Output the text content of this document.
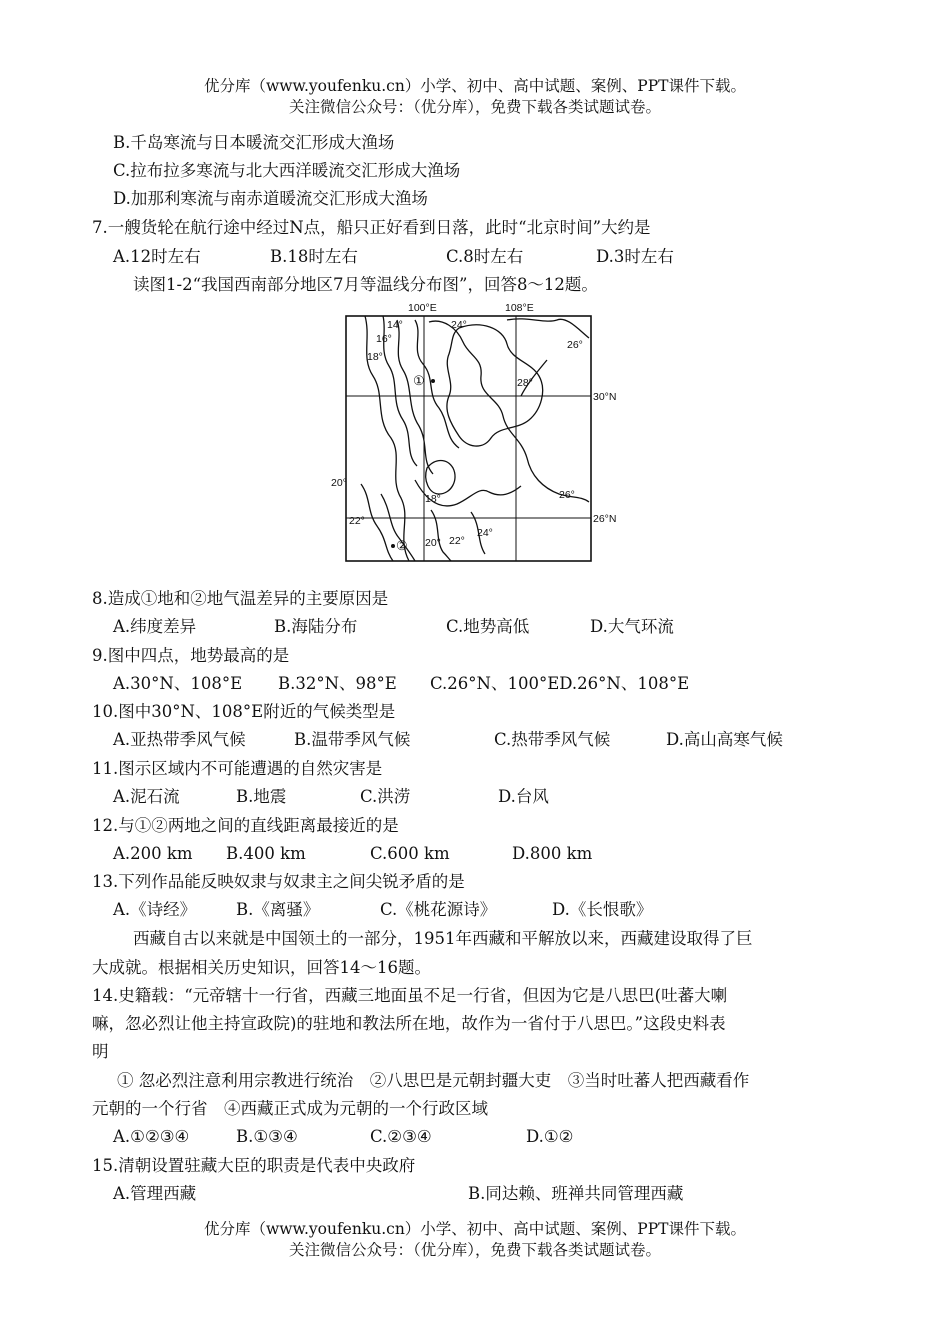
优分库（www.youfenku.cn）小学、初中、高中试题、案例、PPT课件下载。
关注微信公众号：（优分库），免费下载各类试题试卷。
B.千岛寒流与日本暖流交汇形成大渔场
C.拉布拉多寒流与北大西洋暖流交汇形成大渔场
D.加那利寒流与南赤道暖流交汇形成大渔场
7.一艘货轮在航行途中经过N点，船只正好看到日落，此时“北京时间”大约是
A.12时左右	B.18时左右	C.8时左右	D.3时左右
读图1-2“我国西南部分地区7月等温线分布图”，回答8～12题。
100°E	108°E
30°N
26°N
14°
16°
18°
24°
26°
28°
20°
18°	26°
22°
20° 22°
24°
①
②
8.造成①地和②地气温差异的主要原因是
A.纬度差异	B.海陆分布	C.地势高低	D.大气环流
9.图中四点，地势最高的是
A.30°N、108°E B.32°N、98°E C.26°N、100°ED.26°N、108°E
10.图中30°N、108°E附近的气候类型是
A.亚热带季风气候	B.温带季风气候	C.热带季风气候	D.高山高寒气候
11.图示区域内不可能遭遇的自然灾害是
A.泥石流	B.地震	C.洪涝	D.台风
12.与①②两地之间的直线距离最接近的是
A.200 km B.400 km	C.600 km	D.800 km
13.下列作品能反映奴隶与奴隶主之间尖锐矛盾的是
A.《诗经》 B.《离骚》	C.《桃花源诗》	D.《长恨歌》
西藏自古以来就是中国领土的一部分，1951年西藏和平解放以来，西藏建设取得了巨
大成就。根据相关历史知识，回答14～16题。
14.史籍载：“元帝辖十一行省，西藏三地面虽不足一行省，但因为它是八思巴(吐蕃大喇
嘛，忽必烈让他主持宣政院)的驻地和教法所在地，故作为一省付于八思巴。”这段史料表
明
① 忽必烈注意利用宗教进行统治　②八思巴是元朝封疆大吏　③当时吐蕃人把西藏看作
元朝的一个行省　④西藏正式成为元朝的一个行政区域
A.①②③④	B.①③④	C.②③④	D.①②
15.清朝设置驻藏大臣的职责是代表中央政府
A.管理西藏	B.同达赖、班禅共同管理西藏
优分库（www.youfenku.cn）小学、初中、高中试题、案例、PPT课件下载。
关注微信公众号：（优分库），免费下载各类试题试卷。
